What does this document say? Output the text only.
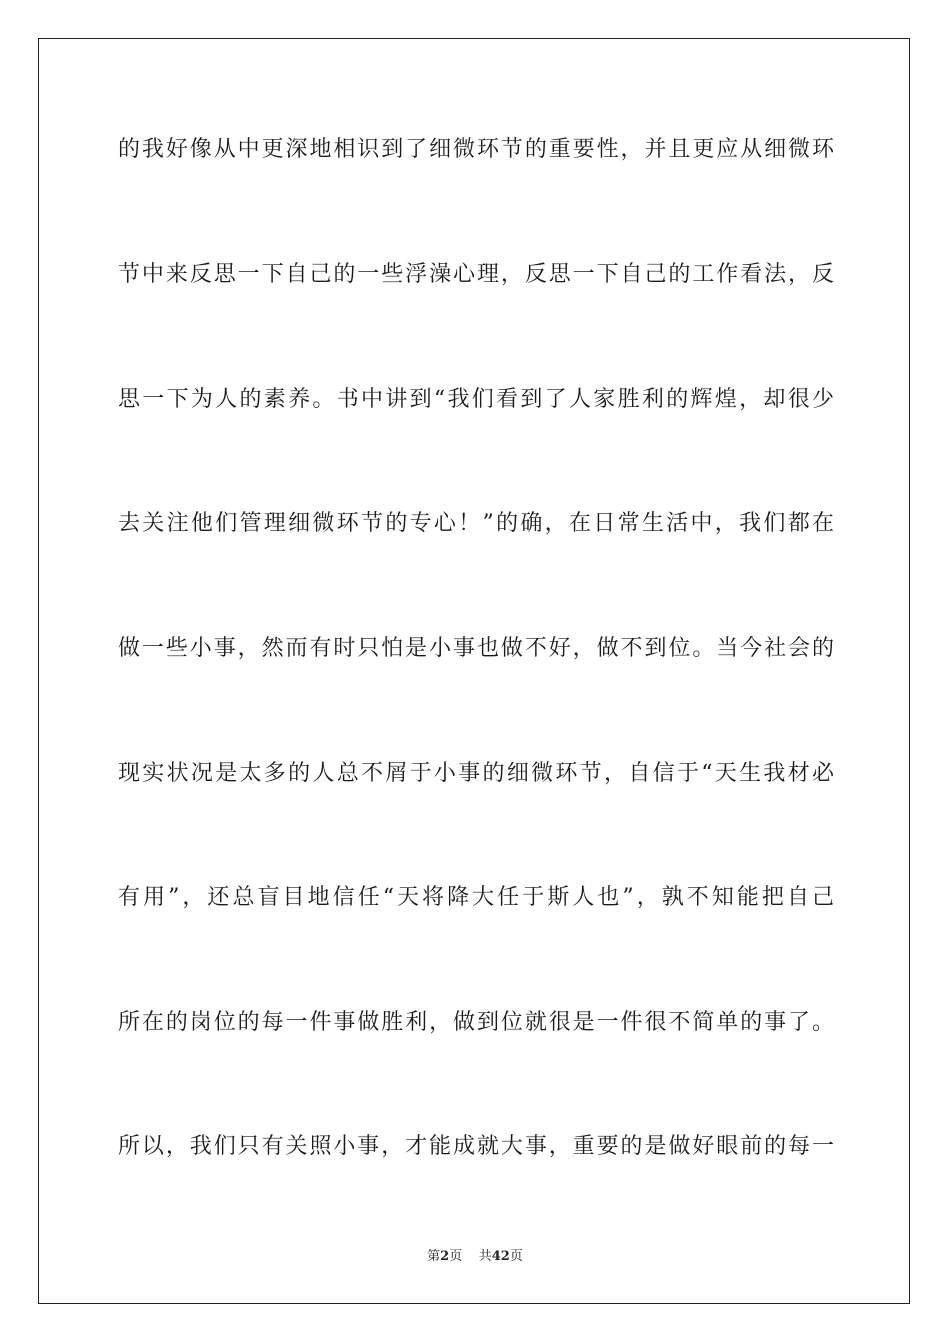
的我好像从中更深地相识到了细微环节的重要性，并且更应从细微环
节中来反思一下自己的一些浮澡心理，反思一下自己的工作看法，反
思一下为人的素养。书中讲到“我们看到了人家胜利的辉煌，却很少
去关注他们管理细微环节的专心！”的确，在日常生活中，我们都在
做一些小事，然而有时只怕是小事也做不好，做不到位。当今社会的
现实状况是太多的人总不屑于小事的细微环节，自信于“天生我材必
有用”，还总盲目地信任“天将降大任于斯人也”，孰不知能把自己
所在的岗位的每一件事做胜利，做到位就很是一件很不简单的事了。
所以，我们只有关照小事，才能成就大事，重要的是做好眼前的每一
第2页 共42页
